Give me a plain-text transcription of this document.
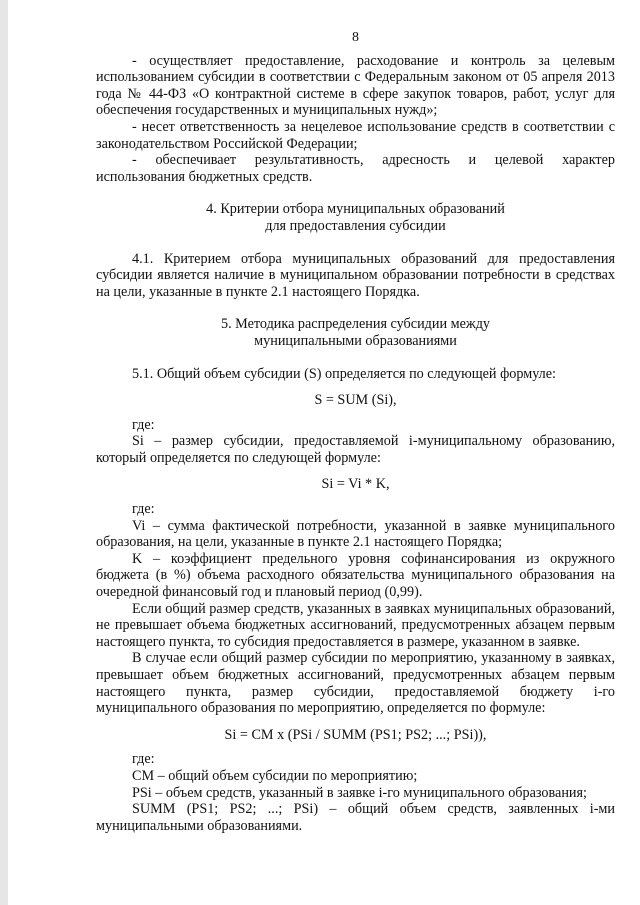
8

- осуществляет предоставление, расходование и контроль за целевым использованием субсидии в соответствии с Федеральным законом от 05 апреля 2013 года № 44-ФЗ «О контрактной системе в сфере закупок товаров, работ, услуг для обеспечения государственных и муниципальных нужд»;

- несет ответственность за нецелевое использование средств в соответствии с законодательством Российской Федерации;

- обеспечивает результативность, адресность и целевой характер использования бюджетных средств.

4. Критерии отбора муниципальных образований
для предоставления субсидии

4.1. Критерием отбора муниципальных образований для предоставления субсидии является наличие в муниципальном образовании потребности в средствах на цели, указанные в пункте 2.1 настоящего Порядка.

5. Методика распределения субсидии между
муниципальными образованиями

5.1. Общий объем субсидии (S) определяется по следующей формуле:

S = SUM (Si),

где:

Si – размер субсидии, предоставляемой i-муниципальному образованию, который определяется по следующей формуле:

Si = Vi * K,

где:

Vi – сумма фактической потребности, указанной в заявке муниципального образования, на цели, указанные в пункте 2.1 настоящего Порядка;

K – коэффициент предельного уровня софинансирования из окружного бюджета (в %) объема расходного обязательства муниципального образования на очередной финансовый год и плановый период (0,99).

Если общий размер средств, указанных в заявках муниципальных образований, не превышает объема бюджетных ассигнований, предусмотренных абзацем первым настоящего пункта, то субсидия предоставляется в размере, указанном в заявке.

В случае если общий размер субсидии по мероприятию, указанному в заявках, превышает объем бюджетных ассигнований, предусмотренных абзацем первым настоящего пункта, размер субсидии, предоставляемой бюджету i-го муниципального образования по мероприятию, определяется по формуле:

Si = CM x (PSi / SUMM (PS1; PS2; ...; PSi)),

где:

CM – общий объем субсидии по мероприятию;

PSi – объем средств, указанный в заявке i-го муниципального образования;

SUMM (PS1; PS2; ...; PSi) – общий объем средств, заявленных i-ми муниципальными образованиями.
